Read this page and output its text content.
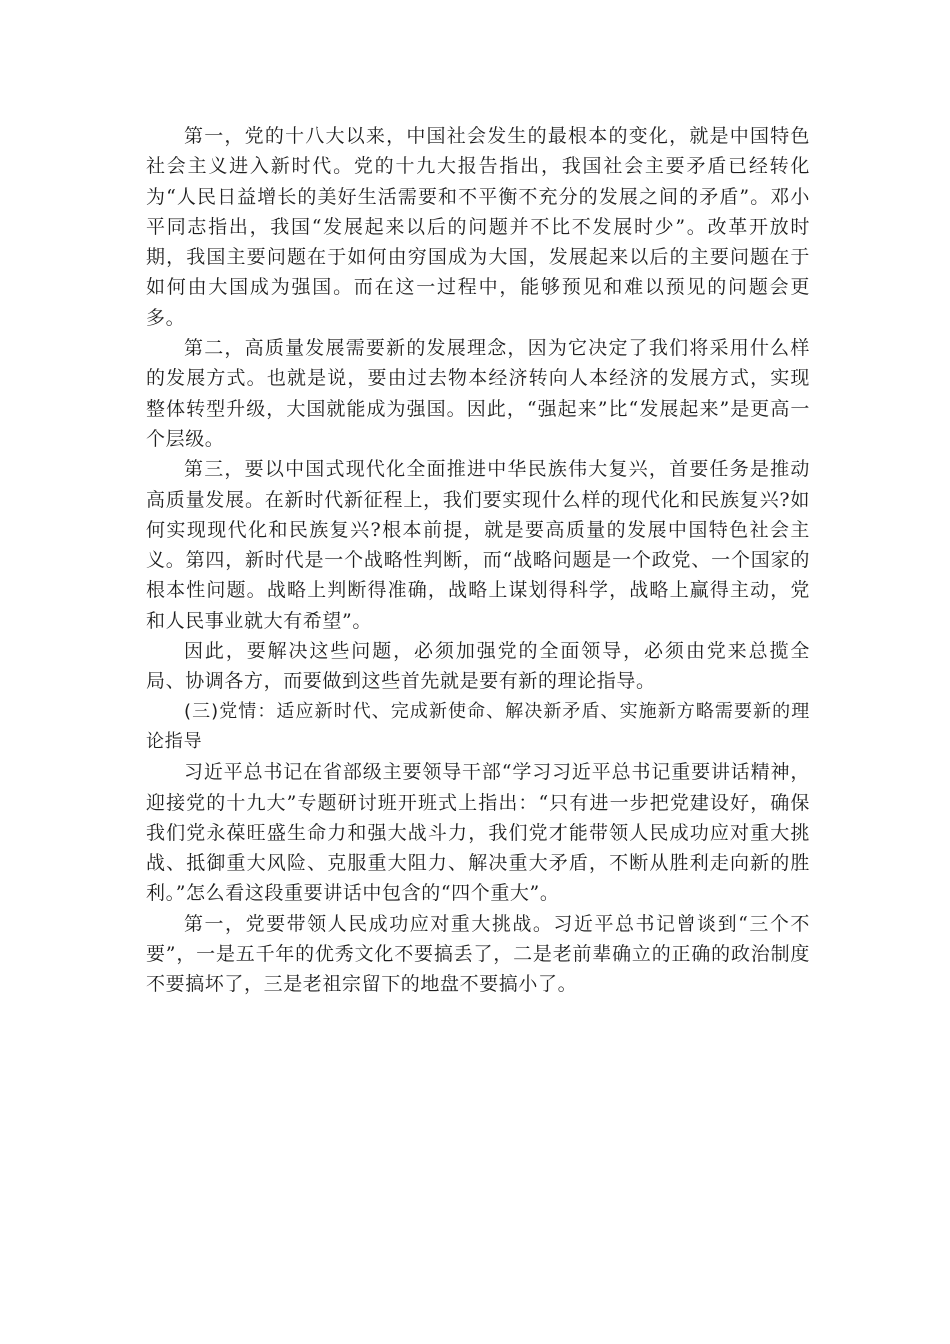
第一，党的十八大以来，中国社会发生的最根本的变化，就是中国特色社会主义进入新时代。党的十九大报告指出，我国社会主要矛盾已经转化为“人民日益增长的美好生活需要和不平衡不充分的发展之间的矛盾”。邓小平同志指出，我国“发展起来以后的问题并不比不发展时少”。改革开放时期，我国主要问题在于如何由穷国成为大国，发展起来以后的主要问题在于如何由大国成为强国。而在这一过程中，能够预见和难以预见的问题会更多。

第二，高质量发展需要新的发展理念，因为它决定了我们将采用什么样的发展方式。也就是说，要由过去物本经济转向人本经济的发展方式，实现整体转型升级，大国就能成为强国。因此，“强起来”比“发展起来”是更高一个层级。

第三，要以中国式现代化全面推进中华民族伟大复兴，首要任务是推动高质量发展。在新时代新征程上，我们要实现什么样的现代化和民族复兴?如何实现现代化和民族复兴?根本前提，就是要高质量的发展中国特色社会主义。第四，新时代是一个战略性判断，而“战略问题是一个政党、一个国家的根本性问题。战略上判断得准确，战略上谋划得科学，战略上赢得主动，党和人民事业就大有希望”。

因此，要解决这些问题，必须加强党的全面领导，必须由党来总揽全局、协调各方，而要做到这些首先就是要有新的理论指导。

(三)党情：适应新时代、完成新使命、解决新矛盾、实施新方略需要新的理论指导

习近平总书记在省部级主要领导干部“学习习近平总书记重要讲话精神，迎接党的十九大”专题研讨班开班式上指出：“只有进一步把党建设好，确保我们党永葆旺盛生命力和强大战斗力，我们党才能带领人民成功应对重大挑战、抵御重大风险、克服重大阻力、解决重大矛盾，不断从胜利走向新的胜利。”怎么看这段重要讲话中包含的“四个重大”。

第一，党要带领人民成功应对重大挑战。习近平总书记曾谈到“三个不要”，一是五千年的优秀文化不要搞丢了，二是老前辈确立的正确的政治制度不要搞坏了，三是老祖宗留下的地盘不要搞小了。
